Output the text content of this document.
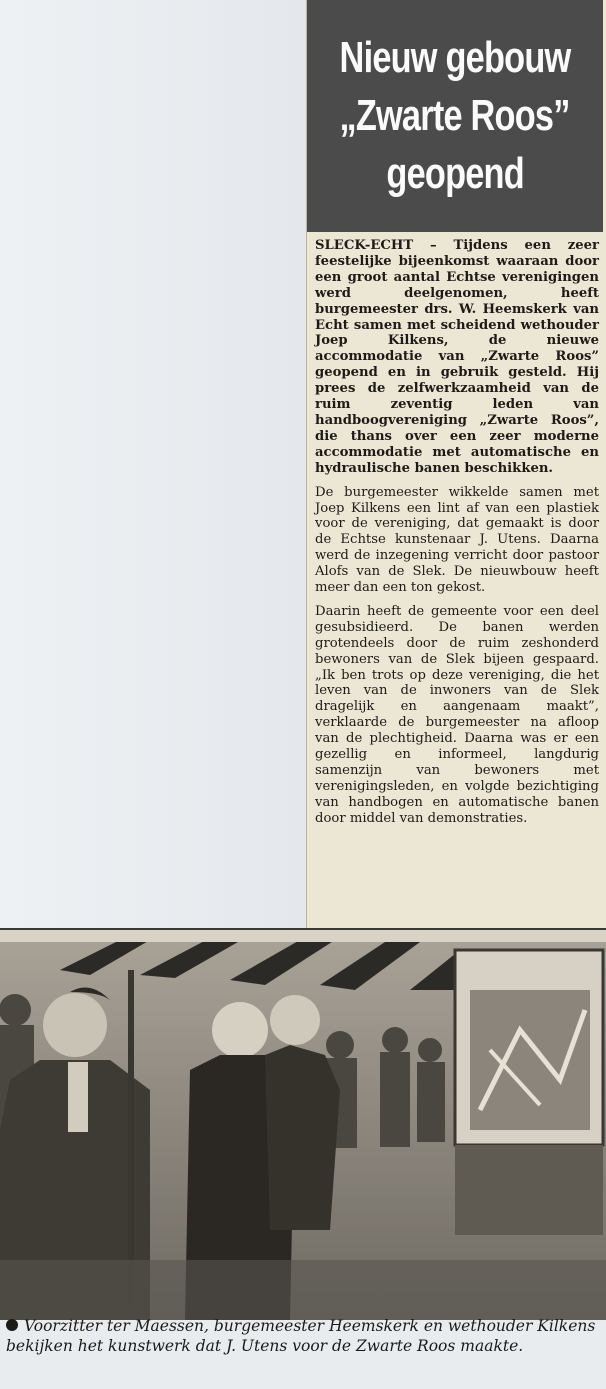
Nieuw gebouw
„Zwarte Roos”
geopend

SLECK-ECHT – Tijdens een zeer feestelijke bijeenkomst waaraan door een groot aantal Echtse verenigingen werd deelgenomen, heeft burgemeester drs. W. Heemskerk van Echt samen met scheidend wethouder Joep Kilkens, de nieuwe accommodatie van „Zwarte Roos” geopend en in gebruik gesteld. Hij prees de zelfwerkzaamheid van de ruim zeventig leden van handboogvereniging „Zwarte Roos”, die thans over een zeer moderne accommodatie met automatische en hydraulische banen beschikken.

De burgemeester wikkelde samen met Joep Kilkens een lint af van een plastiek voor de vereniging, dat gemaakt is door de Echtse kunstenaar J. Utens. Daarna werd de inzegening verricht door pastoor Alofs van de Slek. De nieuwbouw heeft meer dan een ton gekost.

Daarin heeft de gemeente voor een deel gesubsidieerd. De banen werden grotendeels door de ruim zeshonderd bewoners van de Slek bijeen gespaard. „Ik ben trots op deze vereniging, die het leven van de inwoners van de Slek dragelijk en aangenaam maakt”, verklaarde de burgemeester na afloop van de plechtigheid. Daarna was er een gezellig en informeel, langdurig samenzijn van bewoners met verenigingsleden, en volgde bezichtiging van handbogen en automatische banen door middel van demonstraties.

Voorzitter ter Maessen, burgemeester Heemskerk en wethouder Kilkens bekijken het kunstwerk dat J. Utens voor de Zwarte Roos maakte.
